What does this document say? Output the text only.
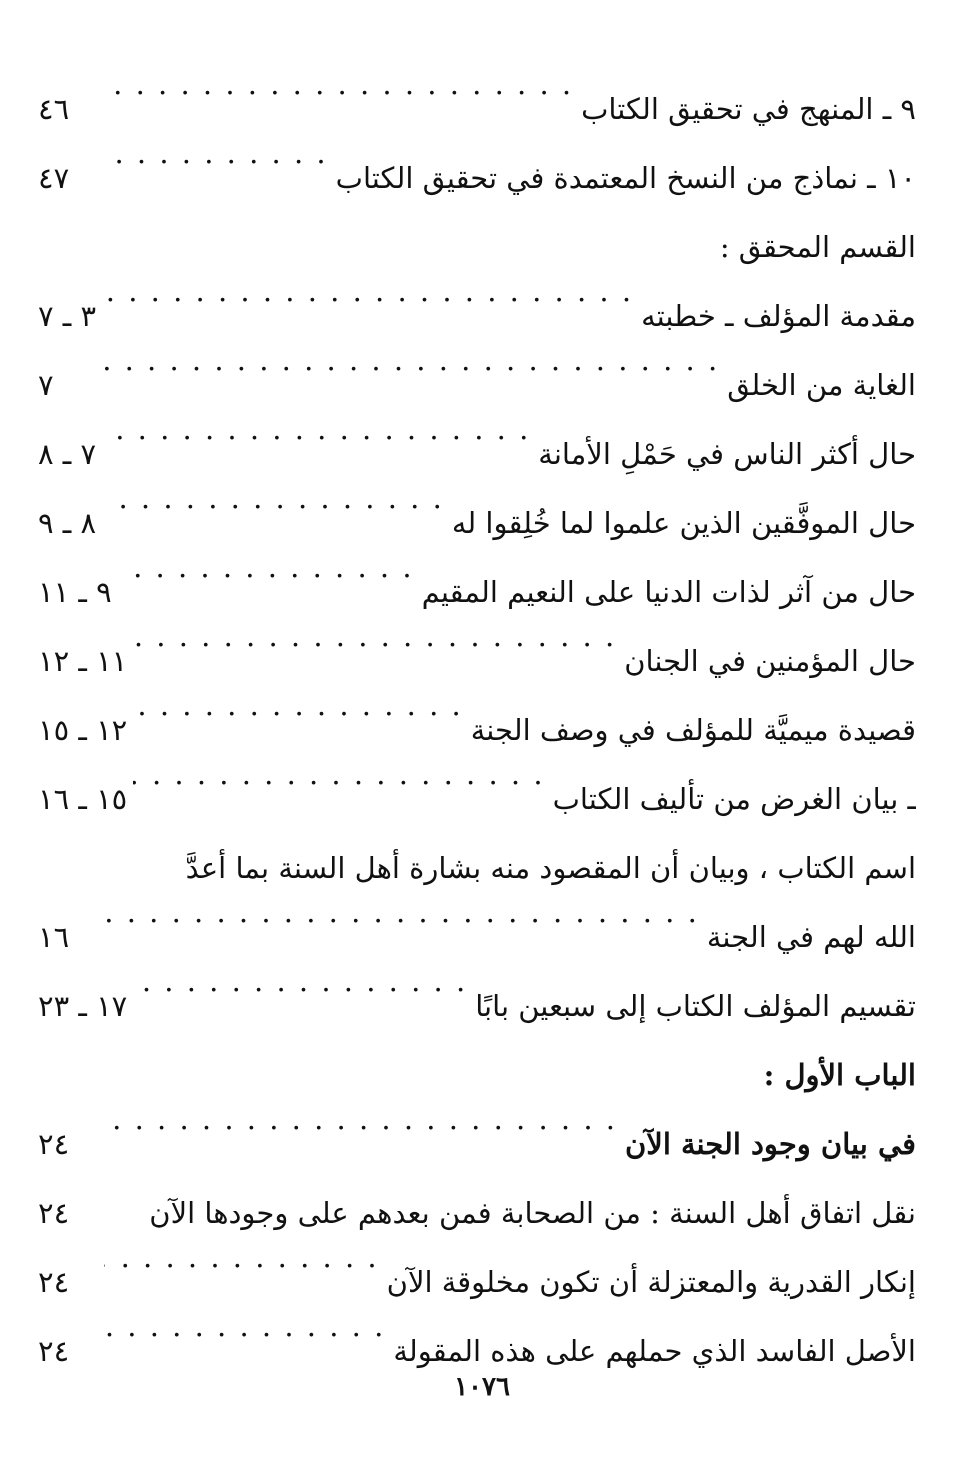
٩ ـ المنهج في تحقيق الكتاب
. . .
٤٦
١٠ ـ نماذج من النسخ المعتمدة في تحقيق الكتاب
. . .
٤٧
القسم المحقق :
مقدمة المؤلف ـ خطبته
. . .
٣ ـ ٧
الغاية من الخلق
. . .
٧
حال أكثر الناس في حَمْلِ الأمانة
. . .
٧ ـ ٨
حال الموفَّقين الذين علموا لما خُلِقوا له
. . .
٨ ـ ٩
حال من آثر لذات الدنيا على النعيم المقيم
. . .
٩ ـ ١١
حال المؤمنين في الجنان
. . .
١١ ـ ١٢
قصيدة ميميَّة للمؤلف في وصف الجنة
. . .
١٢ ـ ١٥
ـ بيان الغرض من تأليف الكتاب
. . .
١٥ ـ ١٦
اسم الكتاب ، وبيان أن المقصود منه بشارة أهل السنة بما أعدَّ
الله لهم في الجنة
. . .
١٦
تقسيم المؤلف الكتاب إلى سبعين بابًا
. . .
١٧ ـ ٢٣
الباب الأول :
في بيان وجود الجنة الآن
. . .
٢٤
نقل اتفاق أهل السنة : من الصحابة فمن بعدهم على وجودها الآن
٢٤
إنكار القدرية والمعتزلة أن تكون مخلوقة الآن
. . .
٢٤
الأصل الفاسد الذي حملهم على هذه المقولة
. . .
٢٤
١٠٧٦
